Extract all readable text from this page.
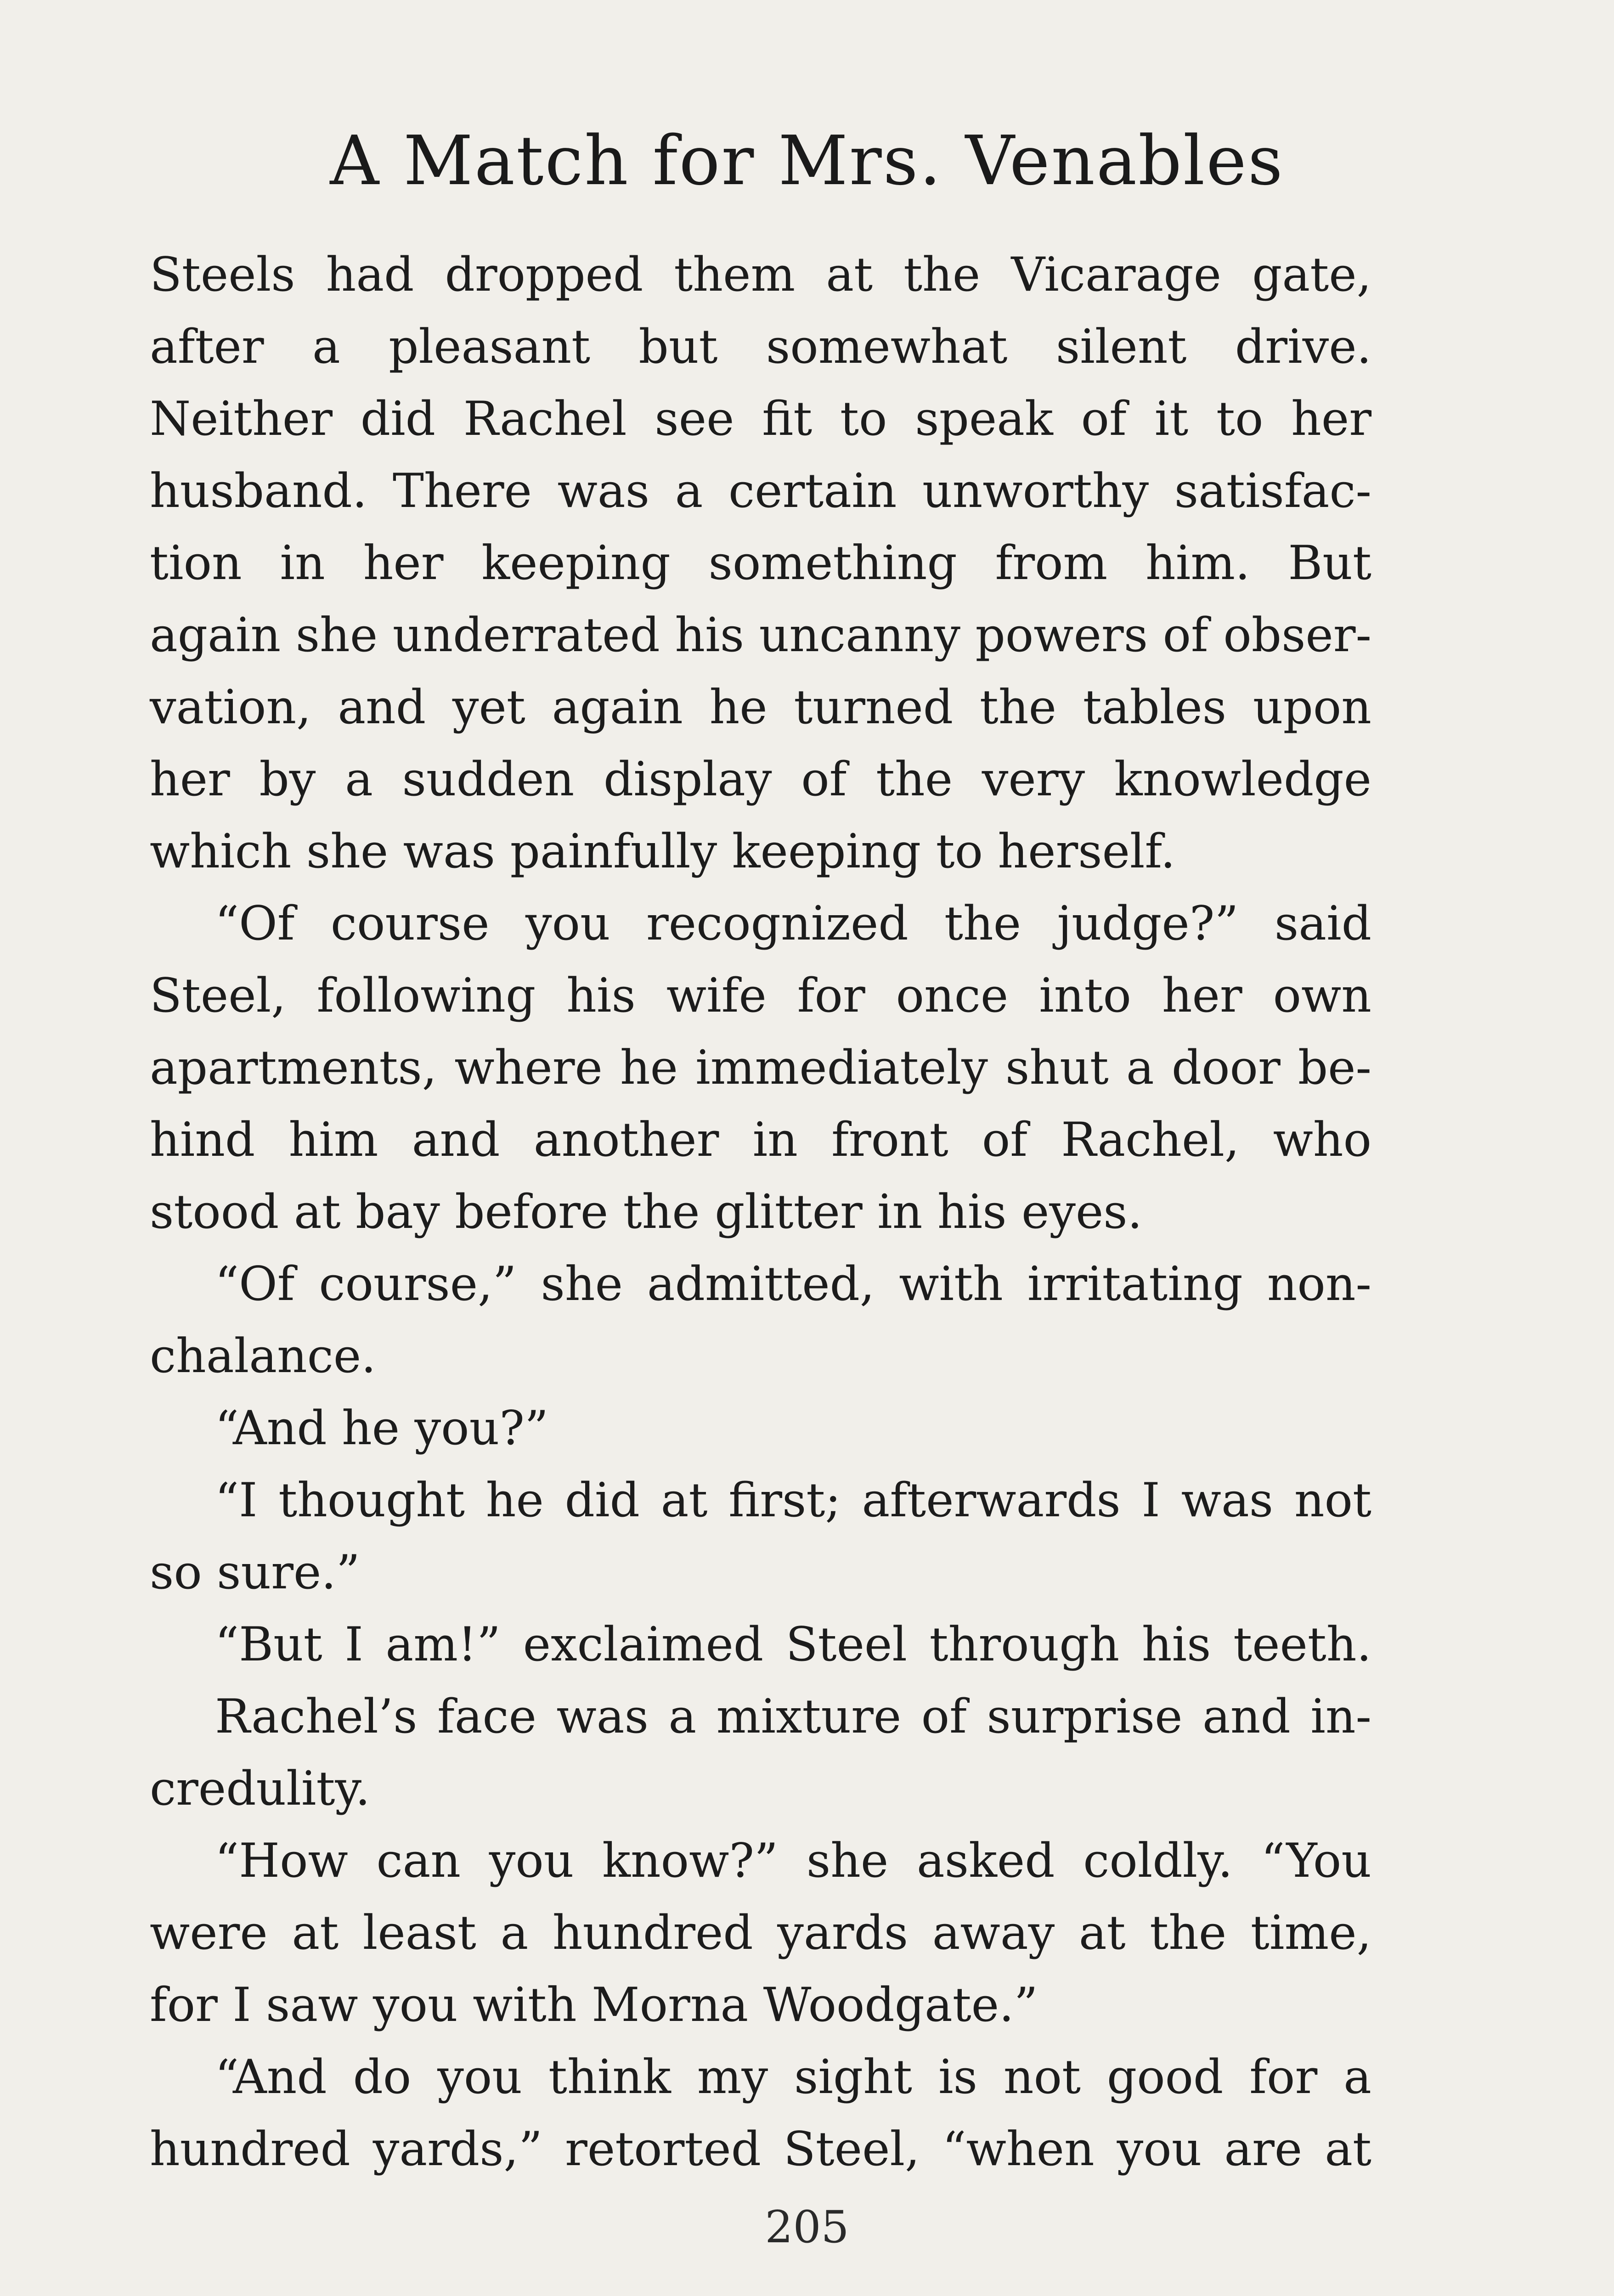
A Match for Mrs. Venables
Steels had dropped them at the Vicarage gate,
after a pleasant but somewhat silent drive.
Neither did Rachel see fit to speak of it to her
husband. There was a certain unworthy satisfac-
tion in her keeping something from him. But
again she underrated his uncanny powers of obser-
vation, and yet again he turned the tables upon
her by a sudden display of the very knowledge
which she was painfully keeping to herself.
“Of course you recognized the judge?” said
Steel, following his wife for once into her own
apartments, where he immediately shut a door be-
hind him and another in front of Rachel, who
stood at bay before the glitter in his eyes.
“Of course,” she admitted, with irritating non-
chalance.
“And he you?”
“I thought he did at first; afterwards I was not
so sure.”
“But I am!” exclaimed Steel through his teeth.
Rachel’s face was a mixture of surprise and in-
credulity.
“How can you know?” she asked coldly. “You
were at least a hundred yards away at the time,
for I saw you with Morna Woodgate.”
“And do you think my sight is not good for a
hundred yards,” retorted Steel, “when you are at
205
